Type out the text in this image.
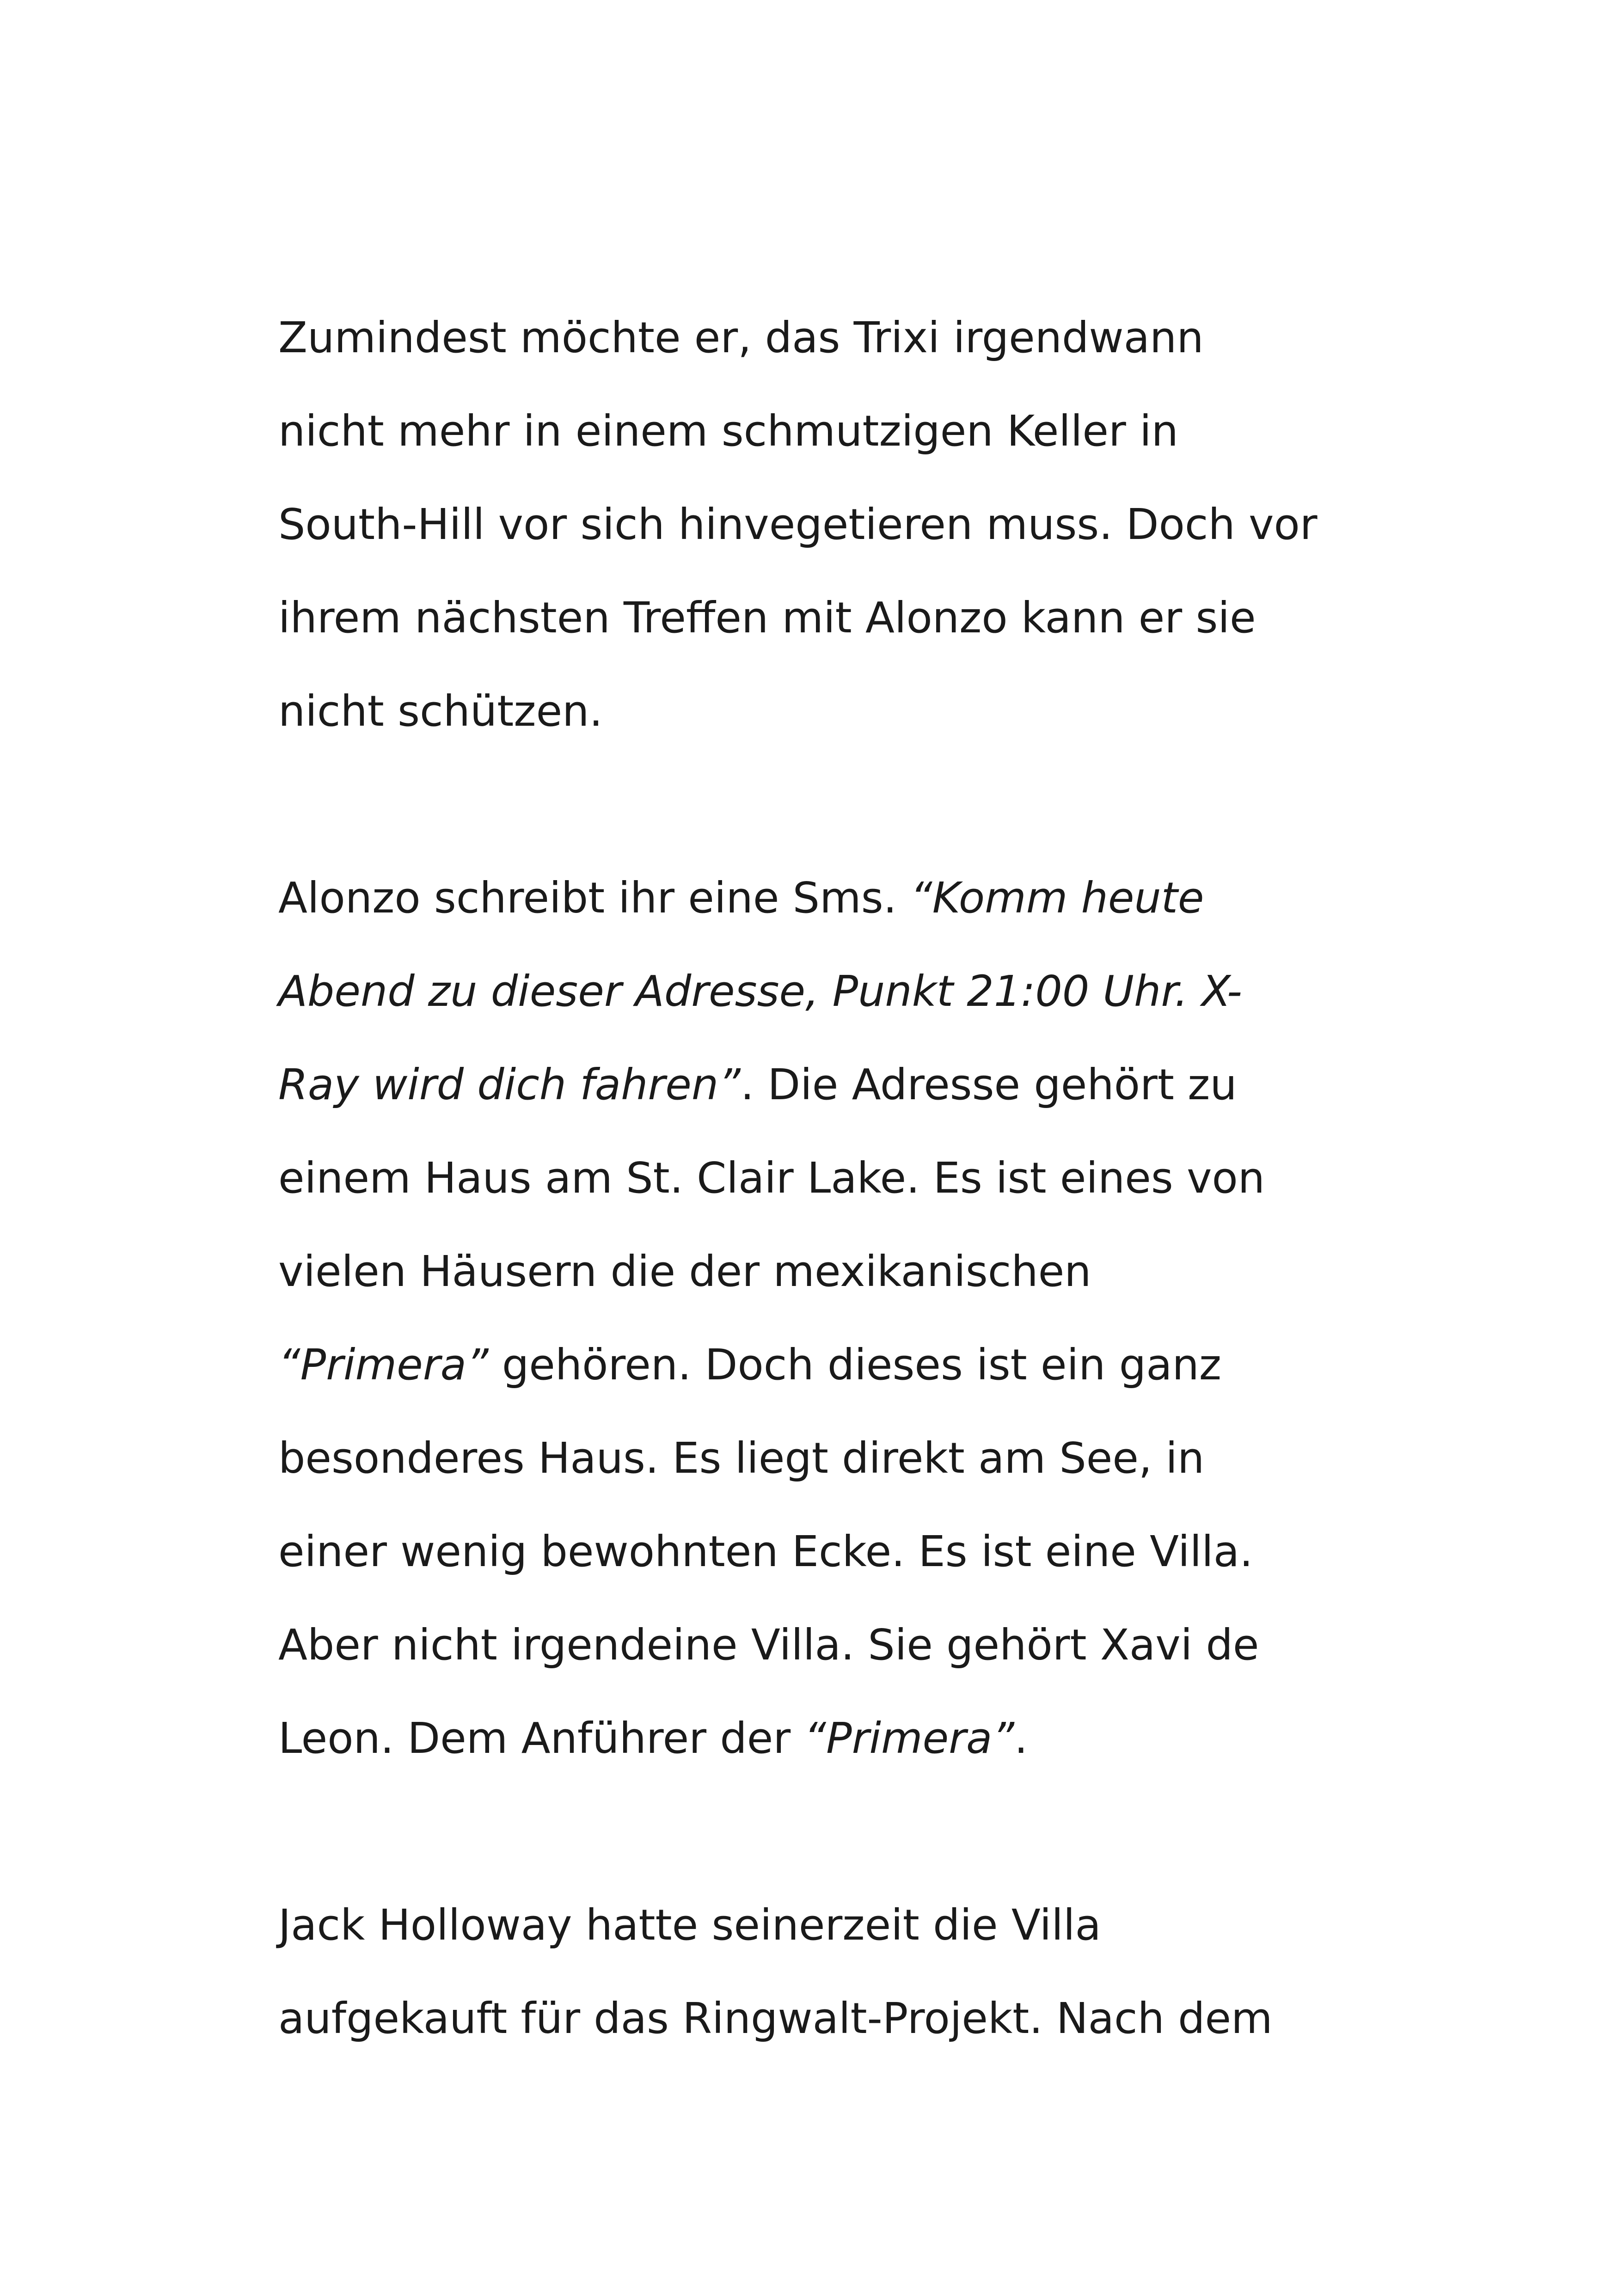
Zumindest möchte er, das Trixi irgendwann
nicht mehr in einem schmutzigen Keller in
South-Hill vor sich hinvegetieren muss. Doch vor
ihrem nächsten Treffen mit Alonzo kann er sie
nicht schützen.
Alonzo schreibt ihr eine Sms. “Komm heute
Abend zu dieser Adresse, Punkt 21:00 Uhr. X-
Ray wird dich fahren”. Die Adresse gehört zu
einem Haus am St. Clair Lake. Es ist eines von
vielen Häusern die der mexikanischen
“Primera” gehören. Doch dieses ist ein ganz
besonderes Haus. Es liegt direkt am See, in
einer wenig bewohnten Ecke. Es ist eine Villa.
Aber nicht irgendeine Villa. Sie gehört Xavi de
Leon. Dem Anführer der “Primera”.
Jack Holloway hatte seinerzeit die Villa
aufgekauft für das Ringwalt-Projekt. Nach dem
